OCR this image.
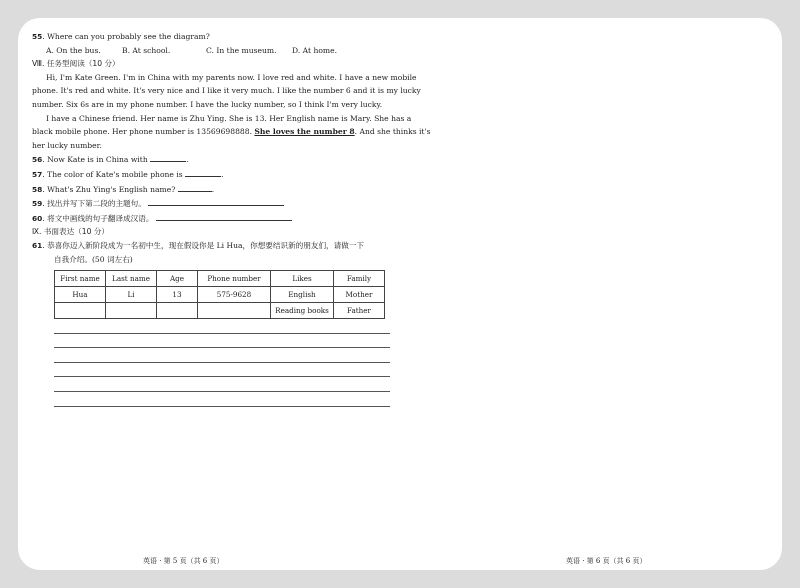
55. Where can you probably see the diagram?
A. On the bus.	B. At school.	C. In the museum. D. At home.
Ⅷ. 任务型阅读（10 分）
Hi, I'm Kate Green. I'm in China with my parents now. I love red and white. I have a new mobile
phone. It's red and white. It's very nice and I like it very much. I like the number 6 and it is my lucky
number. Six 6s are in my phone number. I have the lucky number, so I think I'm very lucky.
I have a Chinese friend. Her name is Zhu Ying. She is 13. Her English name is Mary. She has a
black mobile phone. Her phone number is 13569698888. She loves the number 8. And she thinks it's
her lucky number.
56. Now Kate is in China with	.
57. The color of Kate's mobile phone is	.
58. What's Zhu Ying's English name?	.
59. 找出并写下第二段的主题句。
60. 将文中画线的句子翻译成汉语。
Ⅸ. 书面表达（10 分）
61. 恭喜你迈入新阶段成为一名初中生，现在假设你是 Li Hua，你想要结识新的朋友们，请做一下
自我介绍。(50 词左右)
First name	Last name	Age	Phone number	Likes	Family
Hua	Li	13	575-9628	English	Mother
				Reading books	Father
英语 · 第 5 页（共 6 页）	英语 · 第 6 页（共 6 页）
